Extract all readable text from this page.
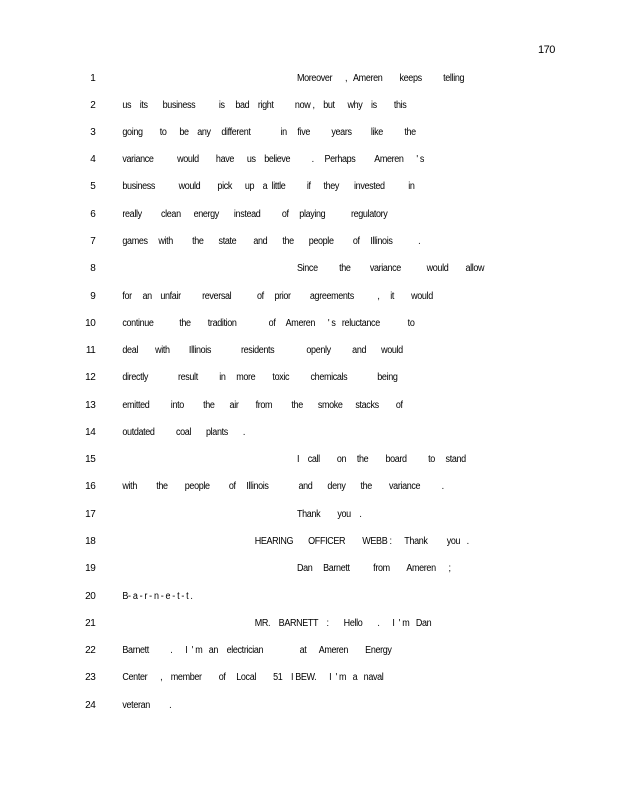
170
1	Moreover      ,   Ameren        keeps          telling
2	us    its       business           is     bad    right          now ,    but      why    is        this
3	going        to      be    any     different              in     five          years         like          the
4	variance           would        have      us    believe          .     Perhaps         Ameren      ' s
5	business           would        pick      up    a  little          if      they       invested           in
6	really         clean      energy       instead          of     playing            regulatory
7	games     with         the       state        and       the       people         of     Illinois            .
8	Since          the         variance            would        allow
9	for     an    unfair          reversal            of     prior         agreements           ,     it        would
10	continue            the        tradition               of     Ameren      ' s   reluctance             to
11	deal        with         Illinois              residents               openly          and       would
12	directly              result          in     more        toxic          chemicals              being
13	emitted          into         the       air        from         the       smoke      stacks        of
14	outdated          coal       plants       .
15	I    call        on     the        board          to     stand
16	with         the        people         of     Illinois              and       deny       the        variance          .
17	Thank        you    .
18	HEARING       OFFICER        WEBB :      Thank         you   .
19	Dan     Barnett           from        Ameren      ;
20	B- a - r - n - e - t - t .
21	MR.    BARNETT    :       Hello       .      I  ' m   Dan
22	Barnett          .      I  ' m   an    electrician                 at      Ameren        Energy
23	Center      ,    member        of     Local        51    I BEW.      I  ' m   a   naval
24	veteran         .
